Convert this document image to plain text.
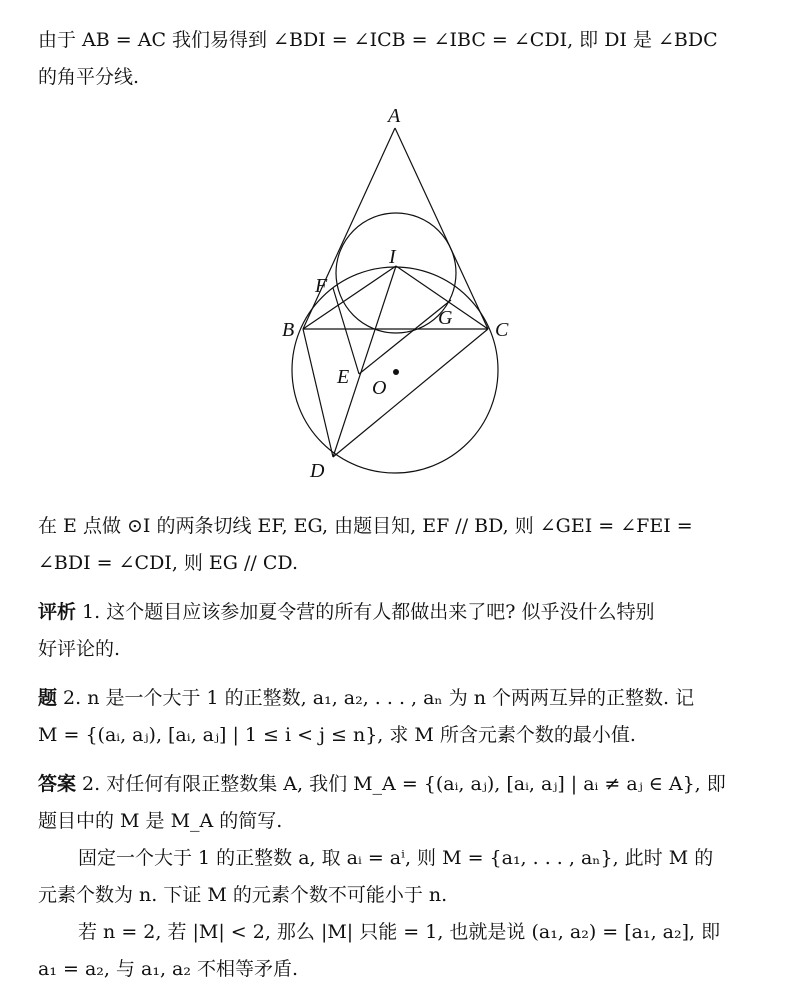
由于 AB = AC 我们易得到 ∠BDI = ∠ICB = ∠IBC = ∠CDI, 即 DI 是 ∠BDC
的角平分线.
A
I
F
B
G
C
E O
D
在 E 点做 ⊙I 的两条切线 EF, EG, 由题目知, EF // BD, 则 ∠GEI = ∠FEI =
∠BDI = ∠CDI, 则 EG // CD.
评析 1. 这个题目应该参加夏令营的所有人都做出来了吧? 似乎没什么特别
好评论的.
题 2. n 是一个大于 1 的正整数, a₁, a₂, . . . , aₙ 为 n 个两两互异的正整数. 记
M = {(aᵢ, aⱼ), [aᵢ, aⱼ] | 1 ≤ i < j ≤ n}, 求 M 所含元素个数的最小值.
答案 2. 对任何有限正整数集 A, 我们 M_A = {(aᵢ, aⱼ), [aᵢ, aⱼ] | aᵢ ≠ aⱼ ∈ A}, 即
题目中的 M 是 M_A 的简写.
固定一个大于 1 的正整数 a, 取 aᵢ = aⁱ, 则 M = {a₁, . . . , aₙ}, 此时 M 的
元素个数为 n. 下证 M 的元素个数不可能小于 n.
若 n = 2, 若 |M| < 2, 那么 |M| 只能 = 1, 也就是说 (a₁, a₂) = [a₁, a₂], 即
a₁ = a₂, 与 a₁, a₂ 不相等矛盾.
